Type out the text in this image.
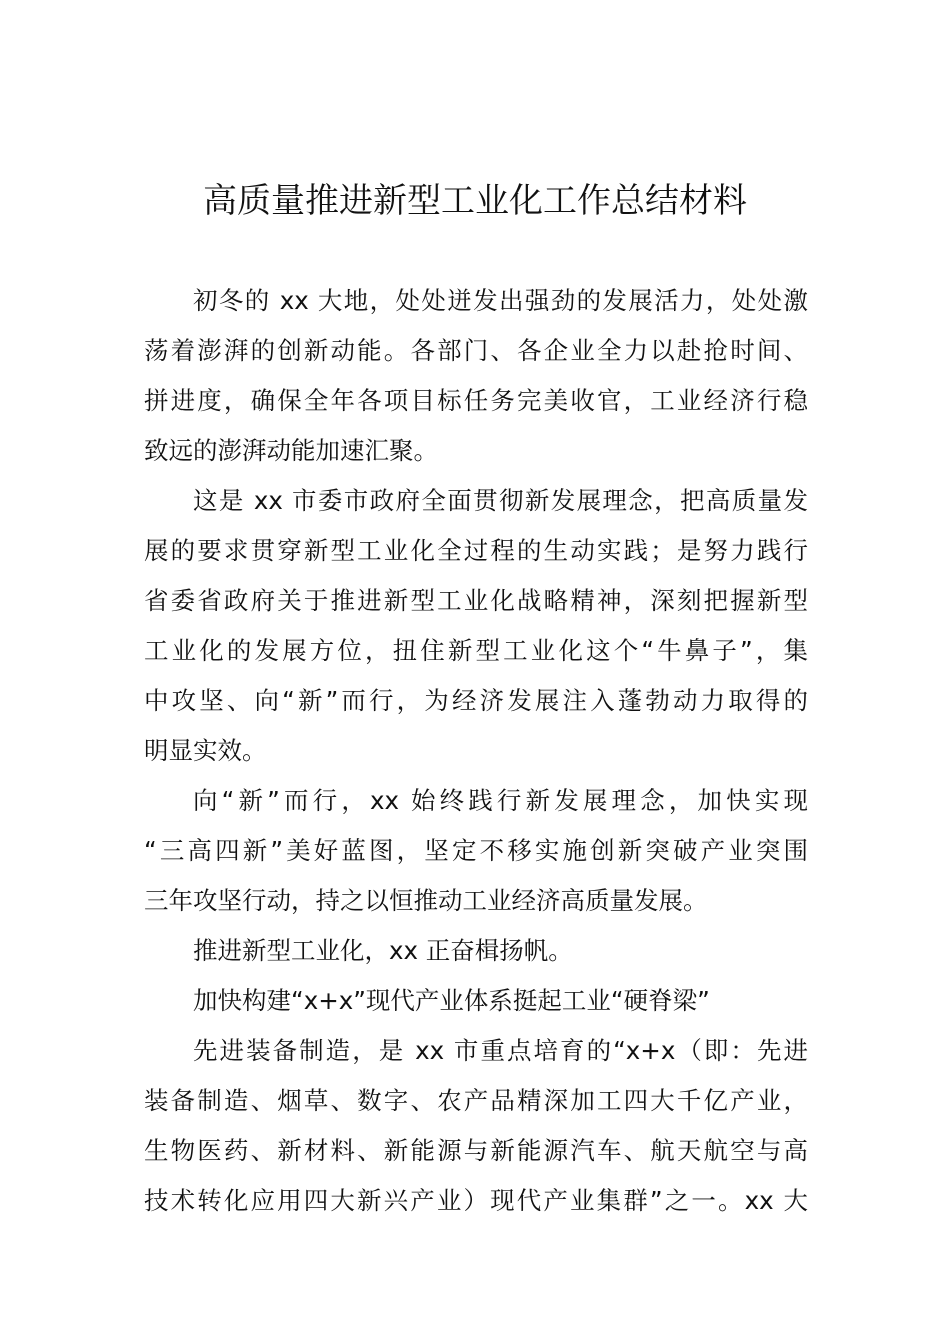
高质量推进新型工业化工作总结材料
初冬的 xx 大地，处处迸发出强劲的发展活力，处处激
荡着澎湃的创新动能。各部门、各企业全力以赴抢时间、
拼进度，确保全年各项目标任务完美收官，工业经济行稳
致远的澎湃动能加速汇聚。
这是 xx 市委市政府全面贯彻新发展理念，把高质量发
展的要求贯穿新型工业化全过程的生动实践；是努力践行
省委省政府关于推进新型工业化战略精神，深刻把握新型
工业化的发展方位，扭住新型工业化这个“牛鼻子”，集
中攻坚、向“新”而行，为经济发展注入蓬勃动力取得的
明显实效。
向“新”而行，xx 始终践行新发展理念，加快实现
“三高四新”美好蓝图，坚定不移实施创新突破产业突围
三年攻坚行动，持之以恒推动工业经济高质量发展。
推进新型工业化，xx 正奋楫扬帆。
加快构建“x+x”现代产业体系挺起工业“硬脊梁”
先进装备制造，是 xx 市重点培育的“x+x（即：先进
装备制造、烟草、数字、农产品精深加工四大千亿产业，
生物医药、新材料、新能源与新能源汽车、航天航空与高
技术转化应用四大新兴产业）现代产业集群”之一。xx 大
